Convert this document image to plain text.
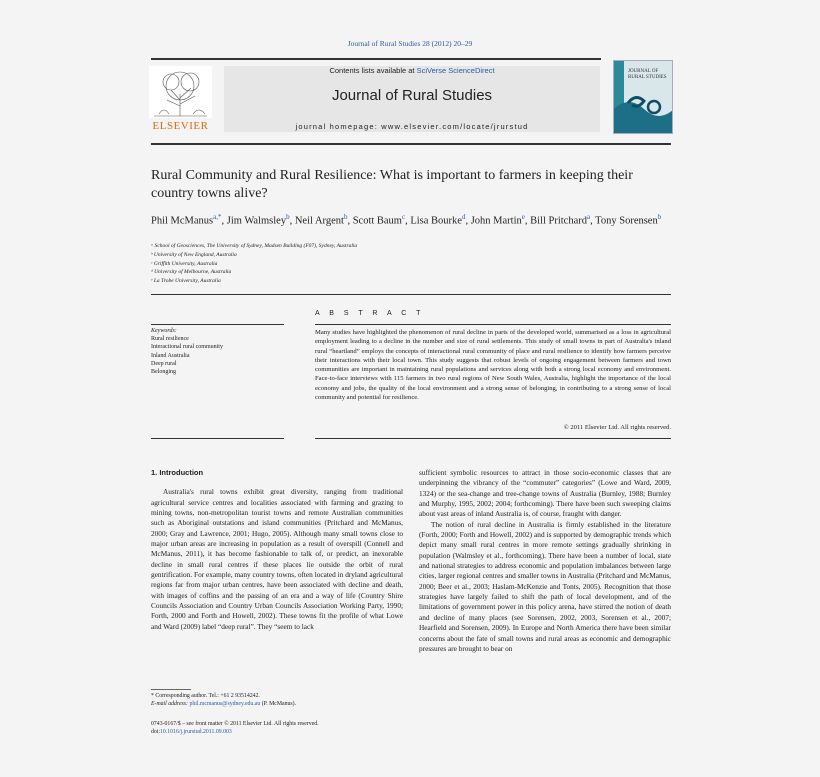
Journal of Rural Studies 28 (2012) 20–29
ELSEVIER
Contents lists available at SciVerse ScienceDirect
Journal of Rural Studies
journal homepage: www.elsevier.com/locate/jrurstud
JOURNAL OF RURAL STUDIES
Rural Community and Rural Resilience: What is important to farmers in keeping their country towns alive?
Phil McManus$^{a,*}$, Jim Walmsley$^b$, Neil Argent$^b$, Scott Baum$^c$, Lisa Bourke$^d$, John Martin$^e$, Bill Pritchard$^a$, Tony Sorensen$^b$
ᵃ School of Geosciences, The University of Sydney, Madsen Building (F07), Sydney, Australia
ᵇ University of New England, Australia
ᶜ Griffith University, Australia
ᵈ University of Melbourne, Australia
ᵉ La Trobe University, Australia
A B S T R A C T
Keywords:
Rural resilience
Interactional rural community
Inland Australia
Deep rural
Belonging
Many studies have highlighted the phenomenon of rural decline in parts of the developed world, summarised as a loss in agricultural employment leading to a decline in the number and size of rural settlements. This study of small towns in part of Australia's inland rural “heartland” employs the concepts of interactional rural community of place and rural resilience to identify how farmers perceive their interactions with their local town. This study suggests that robust levels of ongoing engagement between farmers and town communities are important in maintaining rural populations and services along with both a strong local economy and environment. Face-to-face interviews with 115 farmers in two rural regions of New South Wales, Australia, highlight the importance of the local economy and jobs, the quality of the local environment and a strong sense of belonging, in contributing to a strong sense of local community and potential for resilience.
© 2011 Elsevier Ltd. All rights reserved.
1. Introduction

Australia's rural towns exhibit great diversity, ranging from traditional agricultural service centres and localities associated with farming and grazing to mining towns, non-metropolitan tourist towns and remote Australian communities such as Aboriginal outstations and island communities (Pritchard and McManus, 2000; Gray and Lawrence, 2001; Hugo, 2005). Although many small towns close to major urban areas are increasing in population as a result of overspill (Connell and McManus, 2011), it has become fashionable to talk of, or predict, an inexorable decline in small rural centres if these places lie outside the orbit of rural gentrification. For example, many country towns, often located in dryland agricultural regions far from major urban centres, have been associated with decline and death, with images of coffins and the passing of an era and a way of life (Country Shire Councils Association and Country Urban Councils Association Working Party, 1990; Forth, 2000 and Forth and Howell, 2002). These towns fit the profile of what Lowe and Ward (2009) label “deep rural”. They “seem to lack

sufficient symbolic resources to attract in those socio-economic classes that are underpinning the vibrancy of the “commuter” categories” (Lowe and Ward, 2009, 1324) or the sea-change and tree-change towns of Australia (Burnley, 1988; Burnley and Murphy, 1995, 2002; 2004; forthcoming). There have been such sweeping claims about vast areas of inland Australia is, of course, fraught with danger.

The notion of rural decline in Australia is firmly established in the literature (Forth, 2000; Forth and Howell, 2002) and is supported by demographic trends which depict many small rural centres in more remote settings gradually shrinking in population (Walmsley et al., forthcoming). There have been a number of local, state and national strategies to address economic and population imbalances between large cities, larger regional centres and smaller towns in Australia (Pritchard and McManus, 2000; Beer et al., 2003; Haslam-McKenzie and Tonts, 2005). Recognition that those strategies have largely failed to shift the path of local development, and of the limitations of government power in this policy arena, have stirred the notion of death and decline of many places (see Sorensen, 2002, 2003, Sorensen et al., 2007; Hearfield and Sorensen, 2009). In Europe and North America there have been similar concerns about the fate of small towns and rural areas as economic and demographic pressures are brought to bear on

* Corresponding author. Tel.: +61 2 93514242.
E-mail address: phil.mcmanus@sydney.edu.au (P. McManus).
0743-0167/$ – see front matter © 2011 Elsevier Ltd. All rights reserved.
doi:10.1016/j.jrurstud.2011.09.003
